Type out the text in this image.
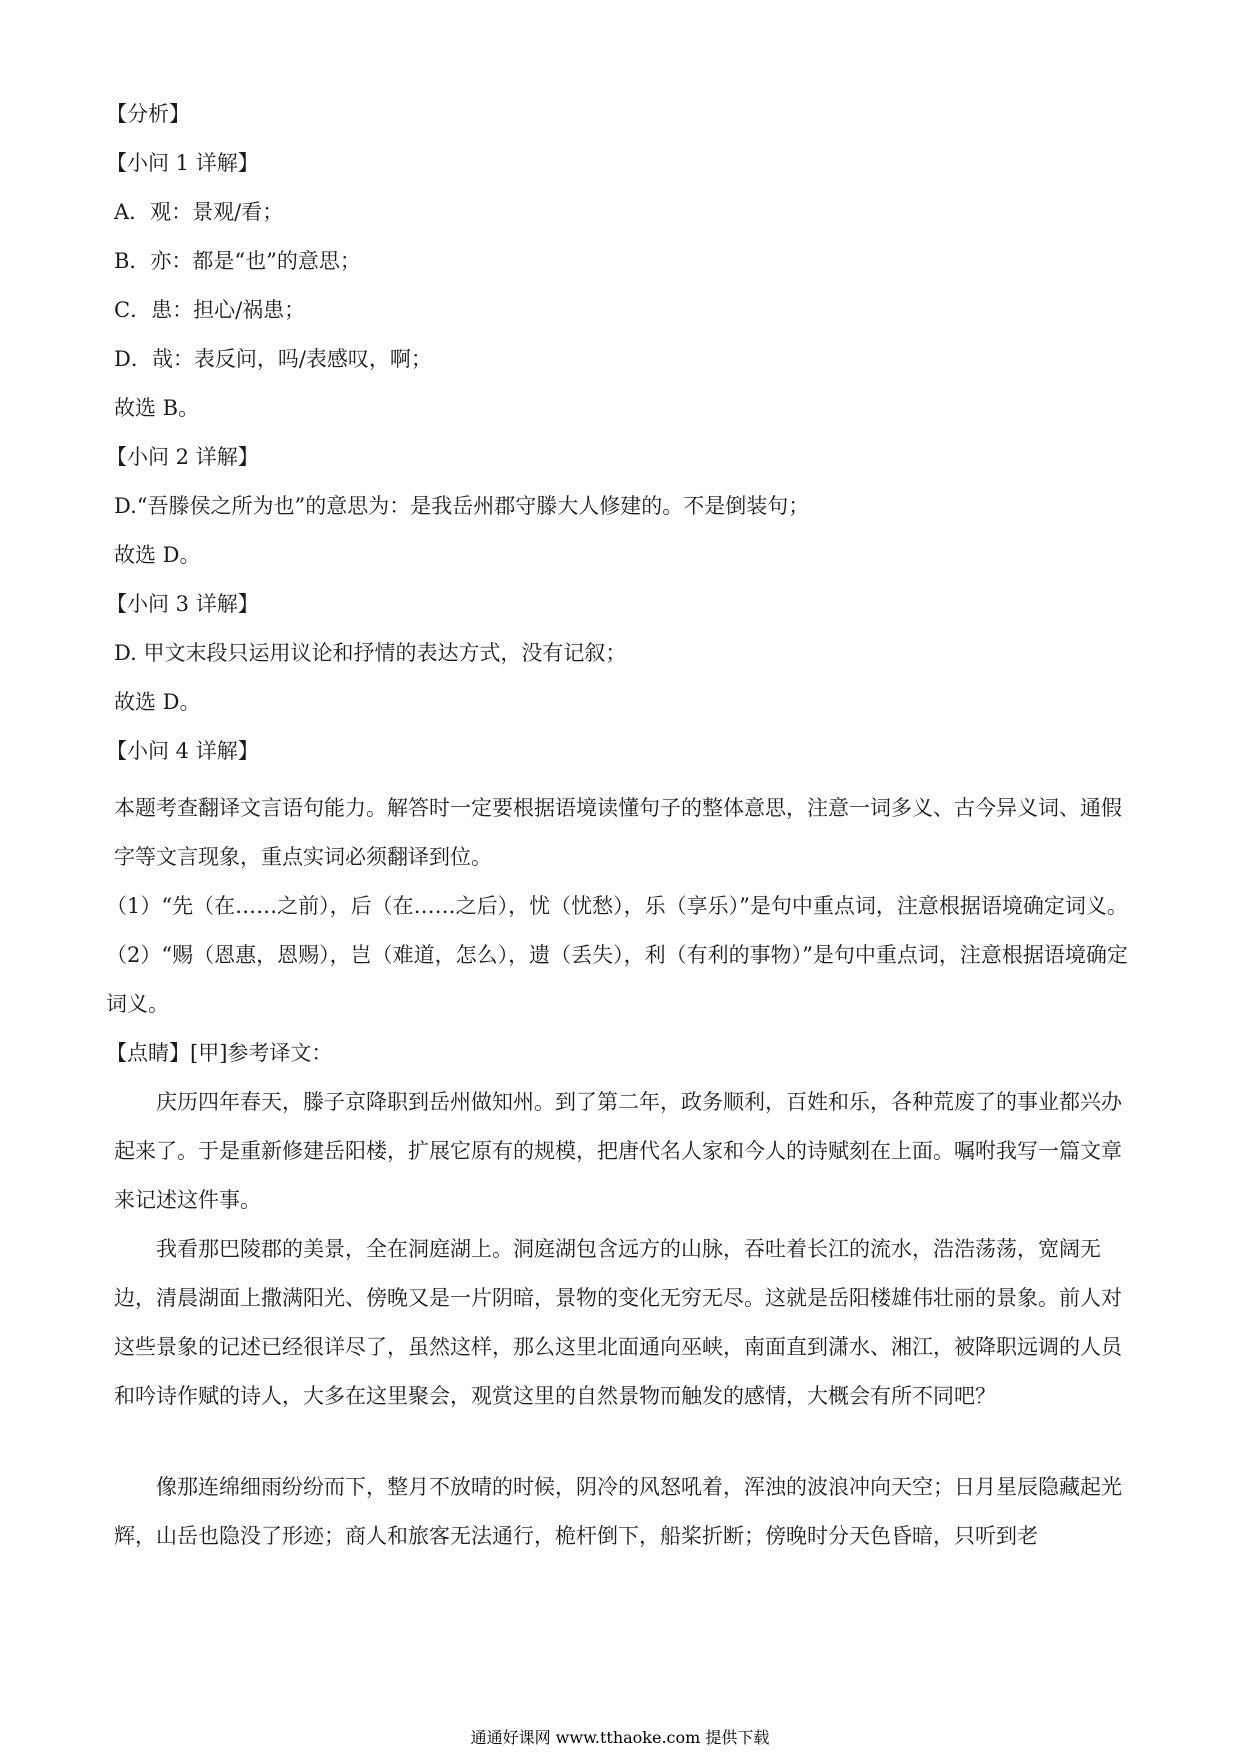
【分析】
【小问 1 详解】
A．观：景观/看；
B．亦：都是“也”的意思；
C．患：担心/祸患；
D．哉：表反问，吗/表感叹，啊；
故选 B。
【小问 2 详解】
D.“吾滕侯之所为也”的意思为：是我岳州郡守滕大人修建的。不是倒装句；
故选 D。
【小问 3 详解】
D. 甲文末段只运用议论和抒情的表达方式，没有记叙；
故选 D。
【小问 4 详解】

本题考查翻译文言语句能力。解答时一定要根据语境读懂句子的整体意思，注意一词多义、古今异义词、通假字等文言现象，重点实词必须翻译到位。

（1）“先（在……之前），后（在……之后），忧（忧愁），乐（享乐）”是句中重点词，注意根据语境确定词义。

（2）“赐（恩惠，恩赐），岂（难道，怎么），遗（丢失），利（有利的事物）”是句中重点词，注意根据语境确定词义。

【点睛】[甲]参考译文：

庆历四年春天，滕子京降职到岳州做知州。到了第二年，政务顺利，百姓和乐，各种荒废了的事业都兴办起来了。于是重新修建岳阳楼，扩展它原有的规模，把唐代名人家和今人的诗赋刻在上面。嘱咐我写一篇文章来记述这件事。

我看那巴陵郡的美景，全在洞庭湖上。洞庭湖包含远方的山脉，吞吐着长江的流水，浩浩荡荡，宽阔无边，清晨湖面上撒满阳光、傍晚又是一片阴暗，景物的变化无穷无尽。这就是岳阳楼雄伟壮丽的景象。前人对这些景象的记述已经很详尽了，虽然这样，那么这里北面通向巫峡，南面直到潇水、湘江，被降职远调的人员和吟诗作赋的诗人，大多在这里聚会，观赏这里的自然景物而触发的感情，大概会有所不同吧？

像那连绵细雨纷纷而下，整月不放晴的时候，阴冷的风怒吼着，浑浊的波浪冲向天空；日月星辰隐藏起光辉，山岳也隐没了形迹；商人和旅客无法通行，桅杆倒下，船桨折断；傍晚时分天色昏暗，只听到老

通通好课网 www.tthaoke.com 提供下载
